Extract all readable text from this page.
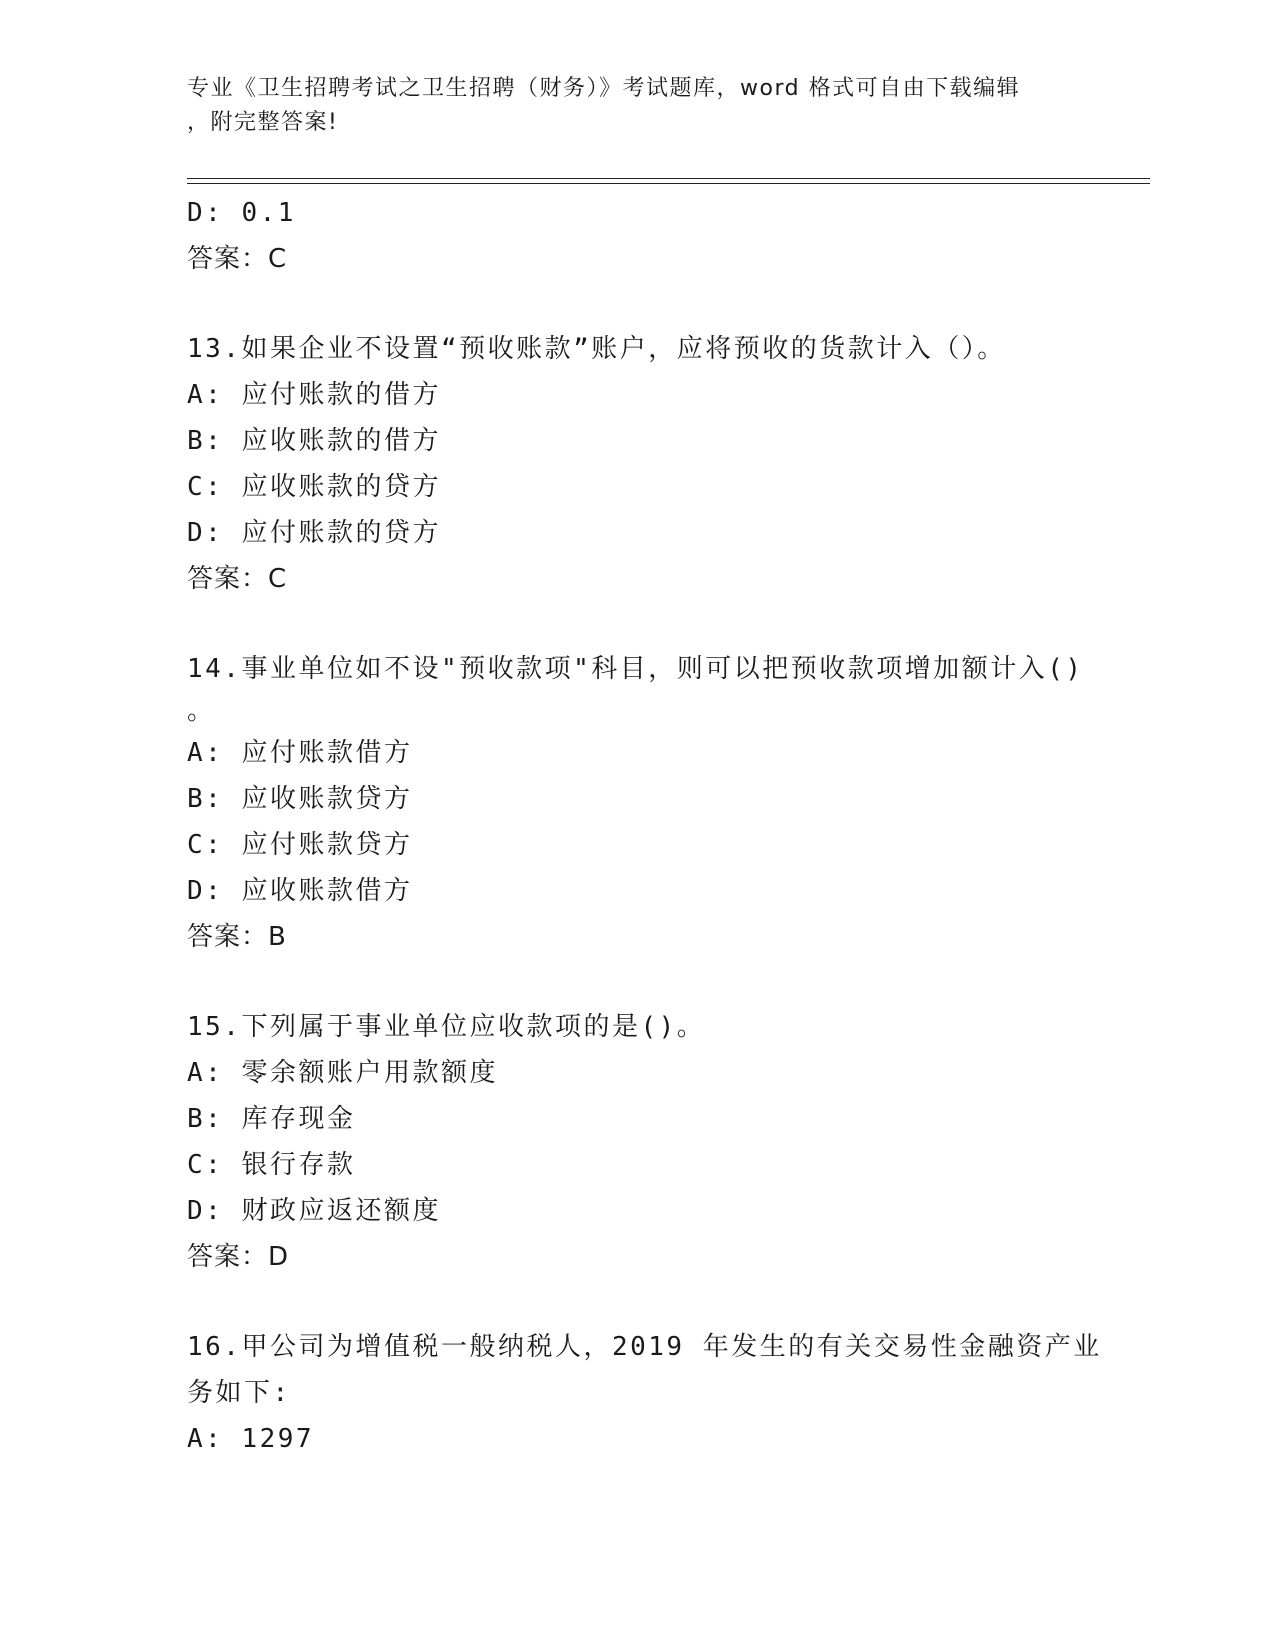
专业《卫生招聘考试之卫生招聘（财务）》考试题库，word 格式可自由下载编辑
，附完整答案!
D: 0.1
答案：C
13.如果企业不设置“预收账款”账户，应将预收的货款计入（）。
A: 应付账款的借方
B: 应收账款的借方
C: 应收账款的贷方
D: 应付账款的贷方
答案：C
14.事业单位如不设"预收款项"科目，则可以把预收款项增加额计入()
。
A: 应付账款借方
B: 应收账款贷方
C: 应付账款贷方
D: 应收账款借方
答案：B
15.下列属于事业单位应收款项的是()。
A: 零余额账户用款额度
B: 库存现金
C: 银行存款
D: 财政应返还额度
答案：D
16.甲公司为增值税一般纳税人，2019 年发生的有关交易性金融资产业
务如下:
A: 1297
